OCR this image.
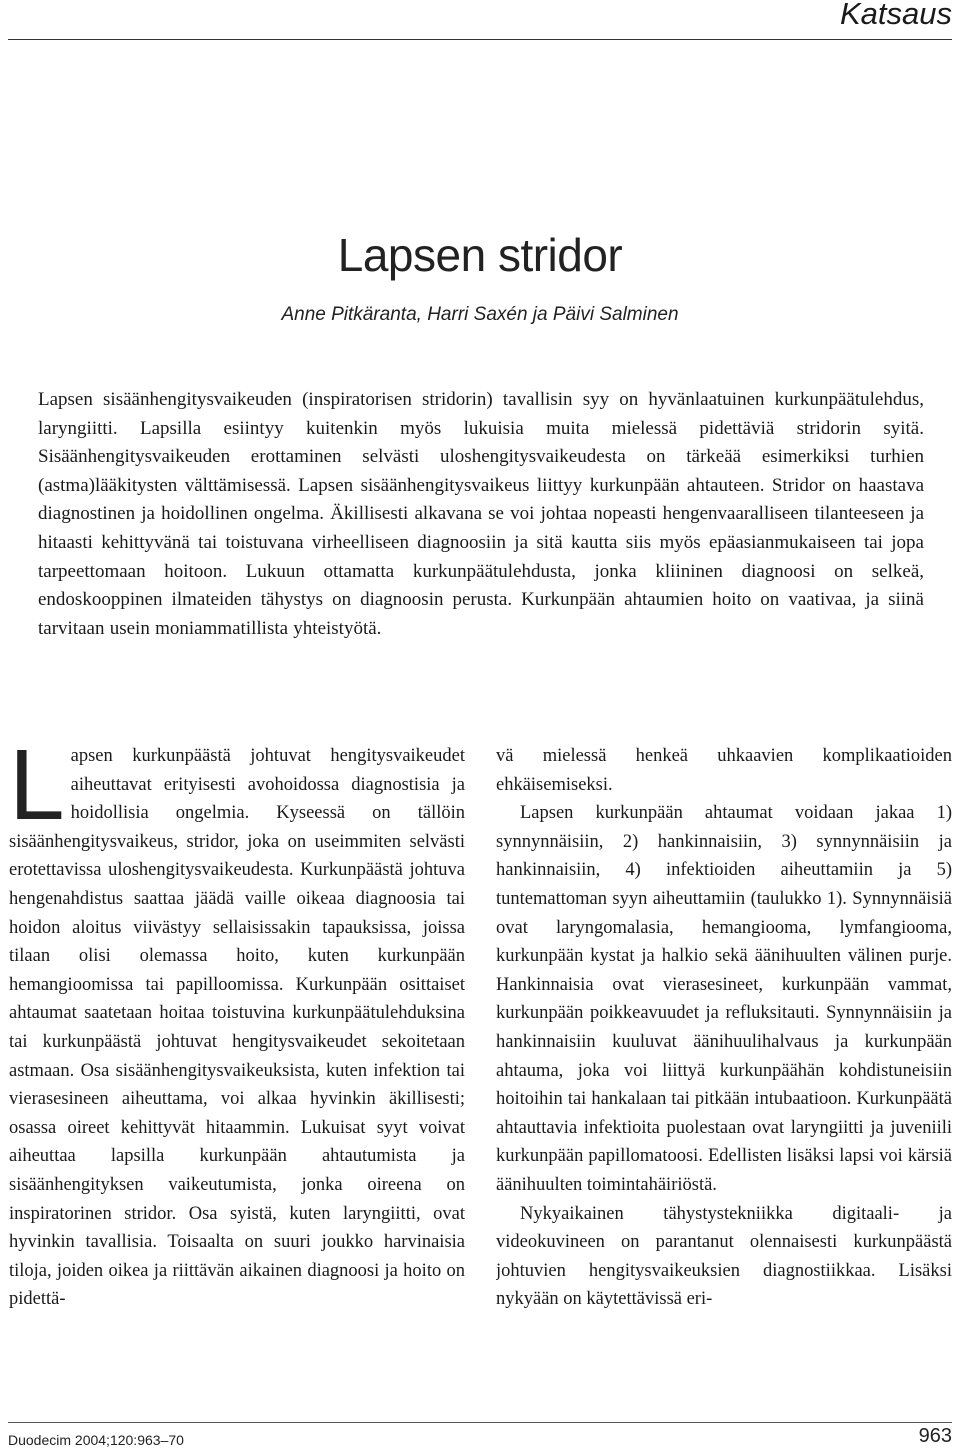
Katsaus
Lapsen stridor

Anne Pitkäranta, Harri Saxén ja Päivi Salminen

Lapsen sisäänhengitysvaikeuden (inspiratorisen stridorin) tavallisin syy on hyvänlaatuinen kurkunpäätulehdus, laryngiitti. Lapsilla esiintyy kuitenkin myös lukuisia muita mielessä pidettäviä stridorin syitä. Sisäänhengitysvaikeuden erottaminen selvästi uloshengitysvaikeudesta on tärkeää esimerkiksi turhien (astma)lääkitysten välttämisessä. Lapsen sisäänhengitysvaikeus liittyy kurkunpään ahtauteen. Stridor on haastava diagnostinen ja hoidollinen ongelma. Äkillisesti alkavana se voi johtaa nopeasti hengenvaaralliseen tilanteeseen ja hitaasti kehittyvänä tai toistuvana virheelliseen diagnoosiin ja sitä kautta siis myös epäasianmukaiseen tai jopa tarpeettomaan hoitoon. Lukuun ottamatta kurkunpäätulehdusta, jonka kliininen diagnoosi on selkeä, endoskooppinen ilmateiden tähystys on diagnoosin perusta. Kurkunpään ahtaumien hoito on vaativaa, ja siinä tarvitaan usein moniammatillista yhteistyötä.

Lapsen kurkunpäästä johtuvat hengitysvaikeudet aiheuttavat erityisesti avohoidossa diagnostisia ja hoidollisia ongelmia. Kyseessä on tällöin sisäänhengitysvaikeus, stridor, joka on useimmiten selvästi erotettavissa uloshengitysvaikeudesta. Kurkunpäästä johtuva hengenahdistus saattaa jäädä vaille oikeaa diagnoosia tai hoidon aloitus viivästyy sellaisissakin tapauksissa, joissa tilaan olisi olemassa hoito, kuten kurkunpään hemangioomissa tai papilloomissa. Kurkunpään osittaiset ahtaumat saatetaan hoitaa toistuvina kurkunpäätulehduksina tai kurkunpäästä johtuvat hengitysvaikeudet sekoitetaan astmaan. Osa sisäänhengitysvaikeuksista, kuten infektion tai vierasesineen aiheuttama, voi alkaa hyvinkin äkillisesti; osassa oireet kehittyvät hitaammin. Lukuisat syyt voivat aiheuttaa lapsilla kurkunpään ahtautumista ja sisäänhengityksen vaikeutumista, jonka oireena on inspiratorinen stridor. Osa syistä, kuten laryngiitti, ovat hyvinkin tavallisia. Toisaalta on suuri joukko harvinaisia tiloja, joiden oikea ja riittävän aikainen diagnoosi ja hoito on pidettä-

vä mielessä henkeä uhkaavien komplikaatioiden ehkäisemiseksi.

Lapsen kurkunpään ahtaumat voidaan jakaa 1) synnynnäisiin, 2) hankinnaisiin, 3) synnynnäisiin ja hankinnaisiin, 4) infektioiden aiheuttamiin ja 5) tuntemattoman syyn aiheuttamiin (taulukko 1). Synnynnäisiä ovat laryngomalasia, hemangiooma, lymfangiooma, kurkunpään kystat ja halkio sekä äänihuulten välinen purje. Hankinnaisia ovat vierasesineet, kurkunpään vammat, kurkunpään poikkeavuudet ja refluksitauti. Synnynnäisiin ja hankinnaisiin kuuluvat äänihuulihalvaus ja kurkunpään ahtauma, joka voi liittyä kurkunpäähän kohdistuneisiin hoitoihin tai hankalaan tai pitkään intubaatioon. Kurkunpäätä ahtauttavia infektioita puolestaan ovat laryngiitti ja juveniili kurkunpään papillomatoosi. Edellisten lisäksi lapsi voi kärsiä äänihuulten toimintahäiriöstä.

Nykyaikainen tähystystekniikka digitaali- ja videokuvineen on parantanut olennaisesti kurkunpäästä johtuvien hengitysvaikeuksien diagnostiikkaa. Lisäksi nykyään on käytettävissä eri-

Duodecim 2004;120:963–70	963
